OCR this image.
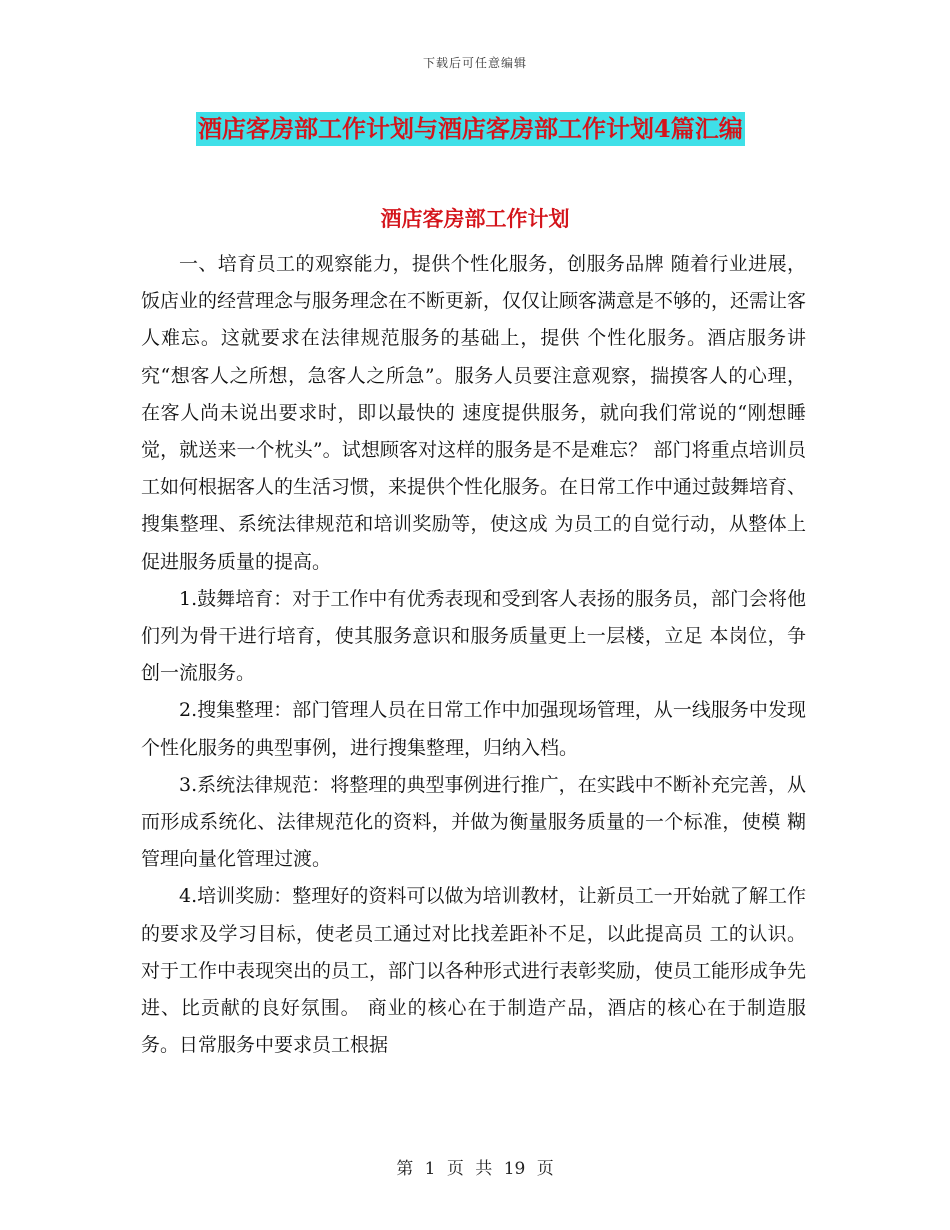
下载后可任意编辑
酒店客房部工作计划与酒店客房部工作计划4篇汇编
酒店客房部工作计划

一、培育员工的观察能力，提供个性化服务，创服务品牌 随着行业进展，饭店业的经营理念与服务理念在不断更新，仅仅让顾客满意是不够的，还需让客人难忘。这就要求在法律规范服务的基础上，提供 个性化服务。酒店服务讲究“想客人之所想，急客人之所急”。服务人员要注意观察，揣摸客人的心理，在客人尚未说出要求时，即以最快的 速度提供服务，就向我们常说的“刚想睡觉，就送来一个枕头”。试想顾客对这样的服务是不是难忘？ 部门将重点培训员工如何根据客人的生活习惯，来提供个性化服务。在日常工作中通过鼓舞培育、搜集整理、系统法律规范和培训奖励等，使这成 为员工的自觉行动，从整体上促进服务质量的提高。

1.鼓舞培育：对于工作中有优秀表现和受到客人表扬的服务员，部门会将他们列为骨干进行培育，使其服务意识和服务质量更上一层楼，立足 本岗位，争创一流服务。

2.搜集整理：部门管理人员在日常工作中加强现场管理，从一线服务中发现个性化服务的典型事例，进行搜集整理，归纳入档。

3.系统法律规范：将整理的典型事例进行推广，在实践中不断补充完善，从而形成系统化、法律规范化的资料，并做为衡量服务质量的一个标准，使模 糊管理向量化管理过渡。

4.培训奖励：整理好的资料可以做为培训教材，让新员工一开始就了解工作的要求及学习目标，使老员工通过对比找差距补不足，以此提高员 工的认识。对于工作中表现突出的员工，部门以各种形式进行表彰奖励，使员工能形成争先进、比贡献的良好氛围。 商业的核心在于制造产品，酒店的核心在于制造服务。日常服务中要求员工根据

第 1 页 共 19 页
